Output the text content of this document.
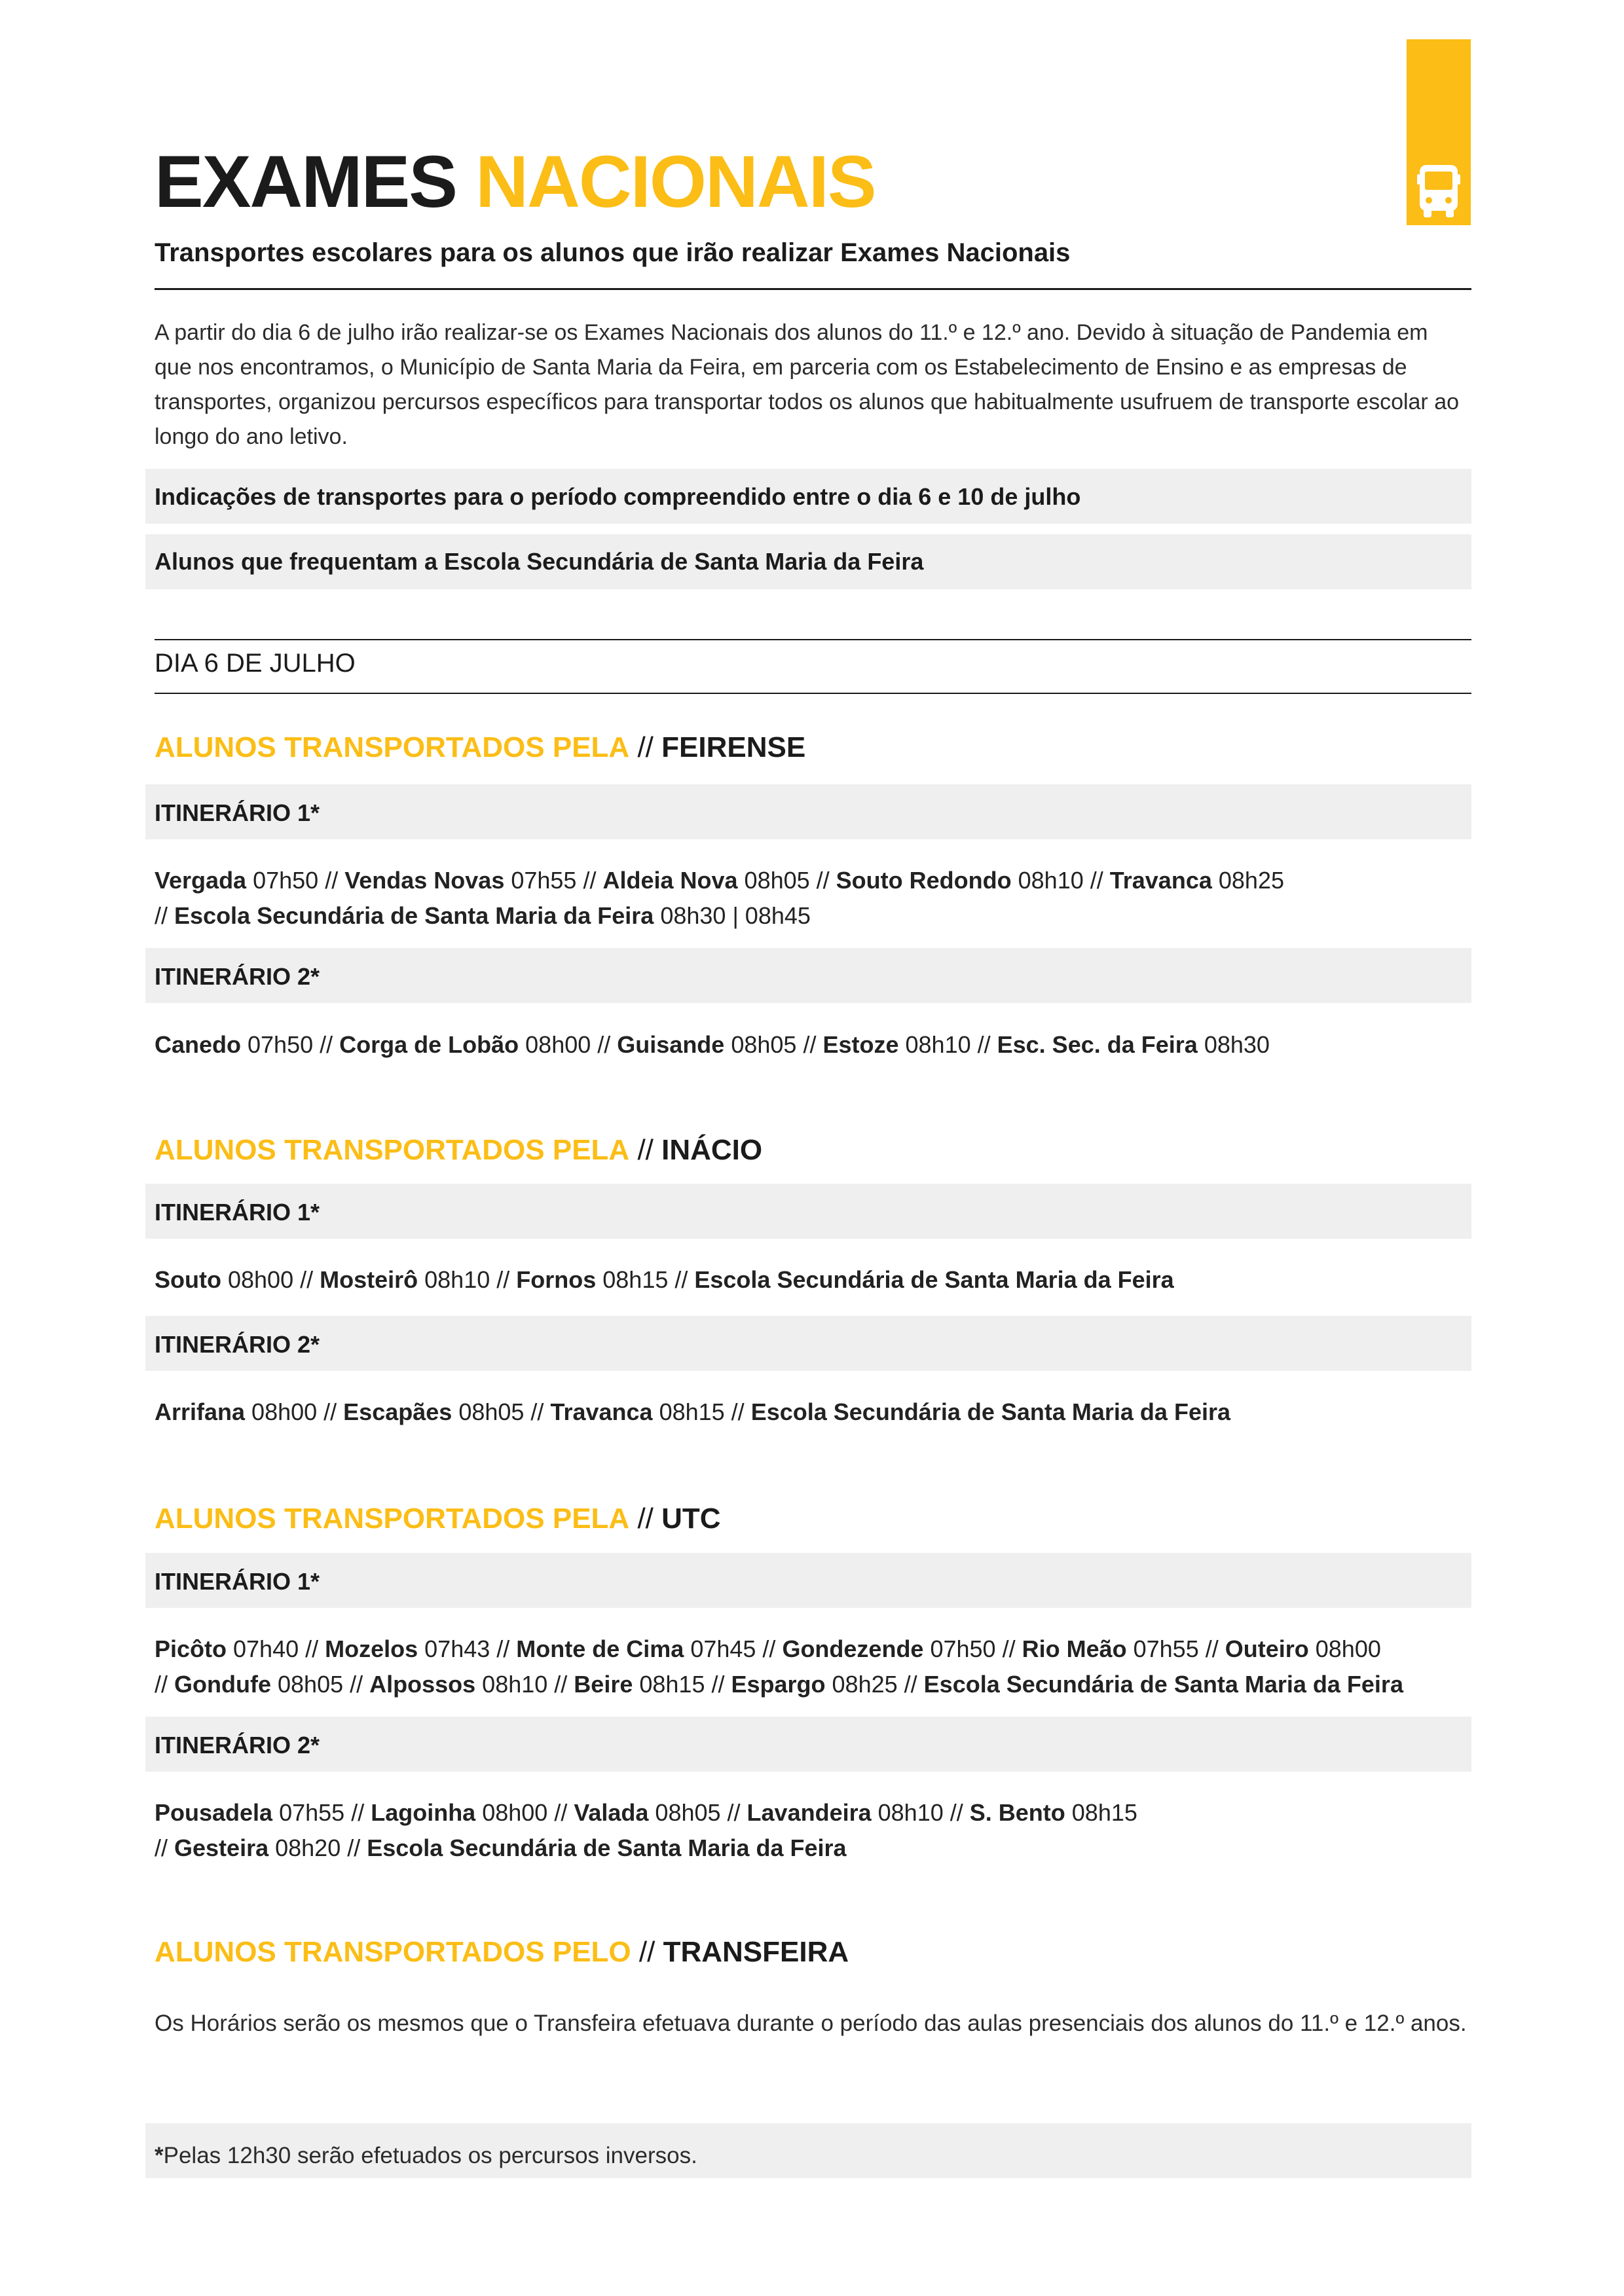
EXAMES NACIONAIS
Transportes escolares para os alunos que irão realizar Exames Nacionais
A partir do dia 6 de julho irão realizar-se os Exames Nacionais dos alunos do 11.º e 12.º ano. Devido à situação de Pandemia em que nos encontramos, o Município de Santa Maria da Feira, em parceria com os Estabelecimento de Ensino e as empresas de transportes, organizou percursos específicos para transportar todos os alunos que habitualmente usufruem de transporte escolar ao longo do ano letivo.
Indicações de transportes para o período compreendido entre o dia 6 e 10 de julho
Alunos que frequentam a Escola Secundária de Santa Maria da Feira
DIA 6 DE JULHO
ALUNOS TRANSPORTADOS PELA // FEIRENSE
ITINERÁRIO 1*
Vergada 07h50 // Vendas Novas 07h55 // Aldeia Nova 08h05 // Souto Redondo 08h10 // Travanca 08h25
// Escola Secundária de Santa Maria da Feira 08h30 | 08h45
ITINERÁRIO 2*
Canedo 07h50 // Corga de Lobão 08h00 // Guisande 08h05 // Estoze 08h10 // Esc. Sec. da Feira 08h30
ALUNOS TRANSPORTADOS PELA // INÁCIO
ITINERÁRIO 1*
Souto 08h00 // Mosteirô 08h10 // Fornos 08h15 // Escola Secundária de Santa Maria da Feira
ITINERÁRIO 2*
Arrifana 08h00 // Escapães 08h05 // Travanca 08h15 // Escola Secundária de Santa Maria da Feira
ALUNOS TRANSPORTADOS PELA // UTC
ITINERÁRIO 1*
Picôto 07h40 // Mozelos 07h43 // Monte de Cima 07h45 // Gondezende 07h50 // Rio Meão 07h55 // Outeiro 08h00
// Gondufe 08h05 // Alpossos 08h10 // Beire 08h15 // Espargo 08h25 // Escola Secundária de Santa Maria da Feira
ITINERÁRIO 2*
Pousadela 07h55 // Lagoinha 08h00 // Valada 08h05 // Lavandeira 08h10 // S. Bento 08h15
// Gesteira 08h20 // Escola Secundária de Santa Maria da Feira
ALUNOS TRANSPORTADOS PELO // TRANSFEIRA
Os Horários serão os mesmos que o Transfeira efetuava durante o período das aulas presenciais dos alunos do 11.º e 12.º anos.
*Pelas 12h30 serão efetuados os percursos inversos.
